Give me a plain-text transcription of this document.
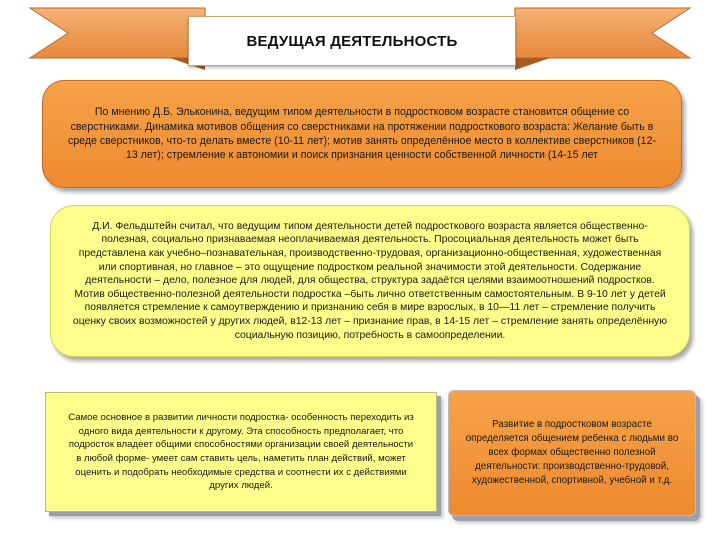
ВЕДУЩАЯ ДЕЯТЕЛЬНОСТЬ

По мнению Д.Б. Эльконина, ведущим типом деятельности в подростковом возрасте становится общение со сверстниками. Динамика мотивов общения со сверстниками на протяжении подросткового возраста: Желание быть в среде сверстников, что-то делать вместе (10-11 лет); мотив занять определённое место в коллективе сверстников (12-13 лет); стремление к автономии и поиск признания ценности собственной личности (14-15 лет

Д.И. Фельдштейн считал, что ведущим типом деятельности детей подросткового возраста является общественно-полезная, социально признаваемая неоплачиваемая деятельность. Просоциальная деятельность может быть представлена как учебно–познавательная, производственно-трудовая, организационно-общественная, художественная или спортивная, но главное – это ощущение подростком реальной значимости этой деятельности. Содержание деятельности – дело, полезное для людей, для общества, структура задаётся целями взаимоотношений подростков. Мотив общественно-полезной деятельности подростка –быть лично ответственным самостоятельным. В 9-10 лет у детей появляется стремление к самоутверждению и признанию себя в мире взрослых, в 10—11 лет – стремление получить оценку своих возможностей у других людей, в12-13 лет – признание прав, в 14-15 лет – стремление занять определённую социальную позицию, потребность в самоопределении.

Самое основное в развитии личности подростка- особенность переходить из одного вида деятельности к другому. Эта способность предполагает, что подросток владеет общими способностями организации своей деятельности в любой форме- умеет сам ставить цель, наметить план действий, может оценить и подобрать необходимые средства и соотнести их с действиями других людей.

Развитие в подростковом возрасте определяется общением ребенка с людьми во всех формах общественно полезной деятельности: производственно-трудовой, художественной, спортивной, учебной и т.д.
